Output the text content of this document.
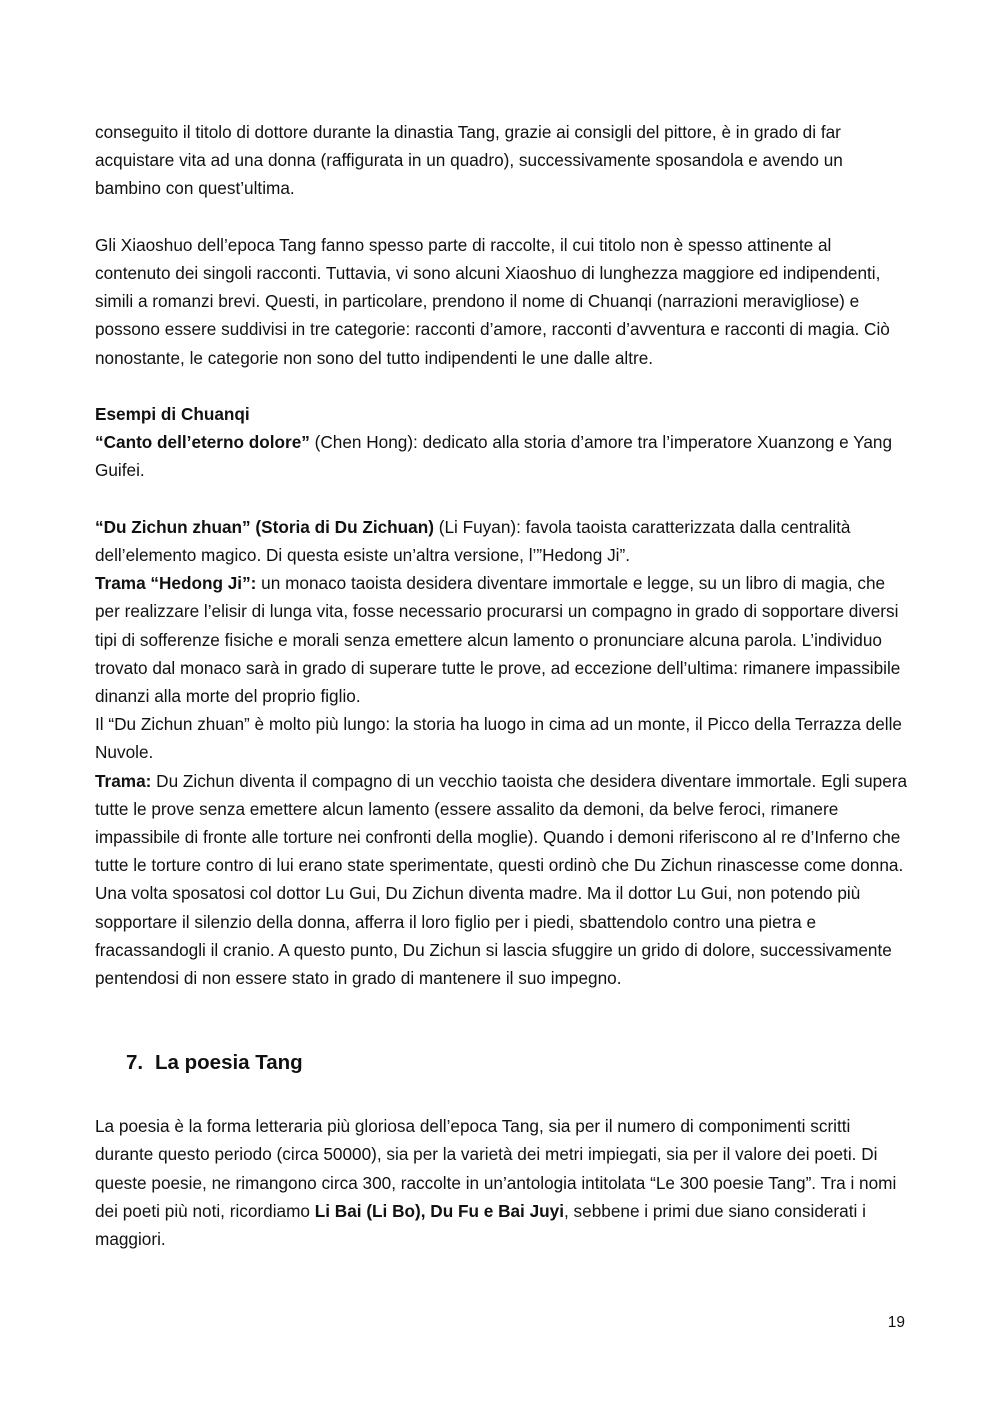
conseguito il titolo di dottore durante la dinastia Tang, grazie ai consigli del pittore, è in grado di far acquistare vita ad una donna (raffigurata in un quadro), successivamente sposandola e avendo un bambino con quest’ultima.

Gli Xiaoshuo dell’epoca Tang fanno spesso parte di raccolte, il cui titolo non è spesso attinente al contenuto dei singoli racconti. Tuttavia, vi sono alcuni Xiaoshuo di lunghezza maggiore ed indipendenti, simili a romanzi brevi. Questi, in particolare, prendono il nome di Chuanqi (narrazioni meravigliose) e possono essere suddivisi in tre categorie: racconti d’amore, racconti d’avventura e racconti di magia. Ciò nonostante, le categorie non sono del tutto indipendenti le une dalle altre.

Esempi di Chuanqi

“Canto dell’eterno dolore” (Chen Hong): dedicato alla storia d’amore tra l’imperatore Xuanzong e Yang Guifei.

“Du Zichun zhuan” (Storia di Du Zichuan) (Li Fuyan): favola taoista caratterizzata dalla centralità dell’elemento magico. Di questa esiste un’altra versione, l’”Hedong Ji”.

Trama “Hedong Ji”: un monaco taoista desidera diventare immortale e legge, su un libro di magia, che per realizzare l’elisir di lunga vita, fosse necessario procurarsi un compagno in grado di sopportare diversi tipi di sofferenze fisiche e morali senza emettere alcun lamento o pronunciare alcuna parola. L’individuo trovato dal monaco sarà in grado di superare tutte le prove, ad eccezione dell’ultima: rimanere impassibile dinanzi alla morte del proprio figlio.

Il “Du Zichun zhuan” è molto più lungo: la storia ha luogo in cima ad un monte, il Picco della Terrazza delle Nuvole.

Trama: Du Zichun diventa il compagno di un vecchio taoista che desidera diventare immortale. Egli supera tutte le prove senza emettere alcun lamento (essere assalito da demoni, da belve feroci, rimanere impassibile di fronte alle torture nei confronti della moglie). Quando i demoni riferiscono al re d’Inferno che tutte le torture contro di lui erano state sperimentate, questi ordinò che Du Zichun rinascesse come donna. Una volta sposatosi col dottor Lu Gui, Du Zichun diventa madre. Ma il dottor Lu Gui, non potendo più sopportare il silenzio della donna, afferra il loro figlio per i piedi, sbattendolo contro una pietra e fracassandogli il cranio. A questo punto, Du Zichun si lascia sfuggire un grido di dolore, successivamente pentendosi di non essere stato in grado di mantenere il suo impegno.

7. La poesia Tang

La poesia è la forma letteraria più gloriosa dell’epoca Tang, sia per il numero di componimenti scritti durante questo periodo (circa 50000), sia per la varietà dei metri impiegati, sia per il valore dei poeti. Di queste poesie, ne rimangono circa 300, raccolte in un’antologia intitolata “Le 300 poesie Tang”. Tra i nomi dei poeti più noti, ricordiamo Li Bai (Li Bo), Du Fu e Bai Juyi, sebbene i primi due siano considerati i maggiori.

19
